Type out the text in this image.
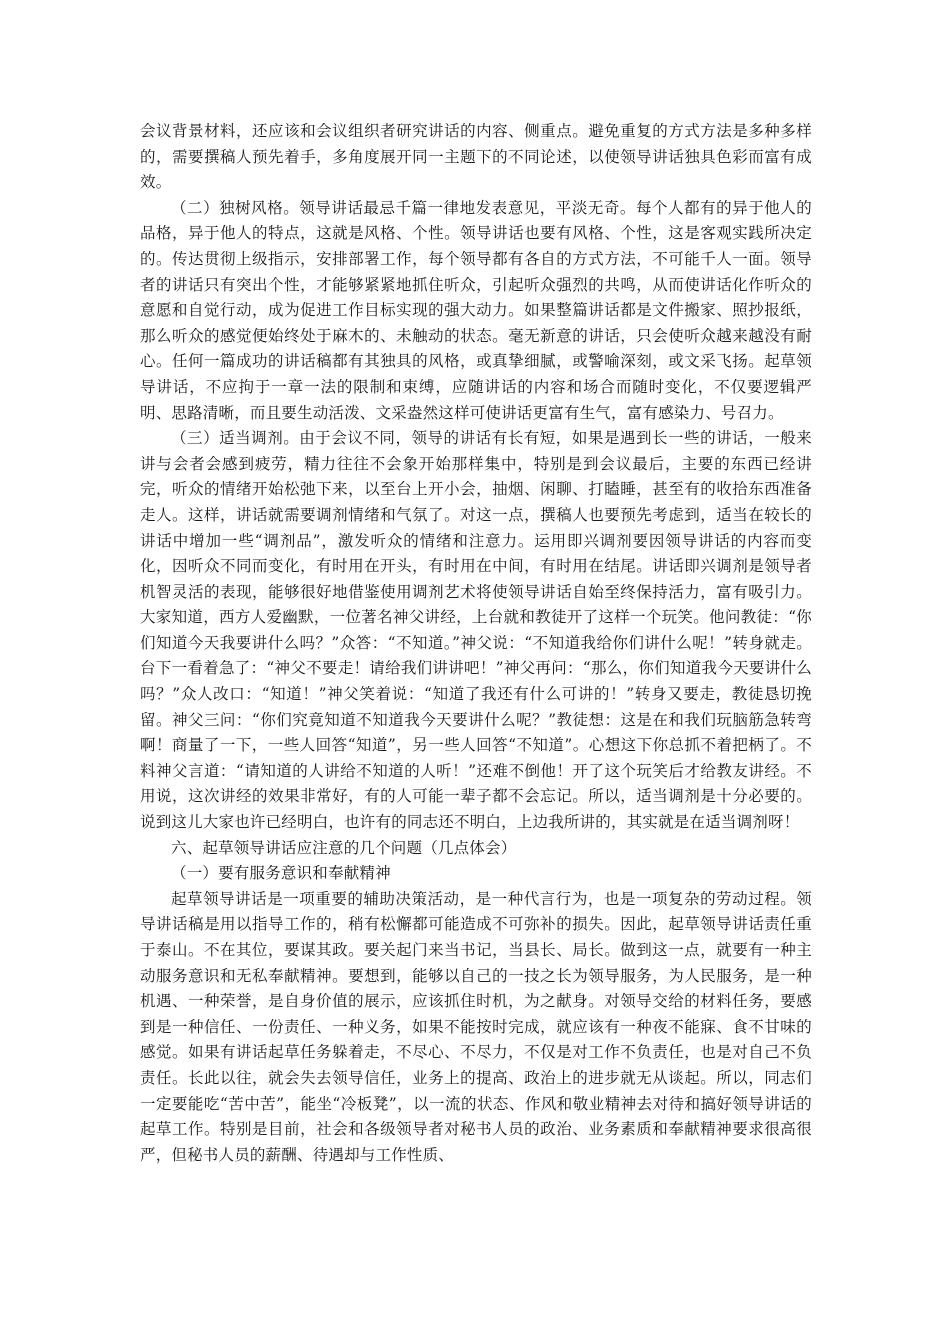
会议背景材料，还应该和会议组织者研究讲话的内容、侧重点。避免重复的方式方法是多种多样的，需要撰稿人预先着手，多角度展开同一主题下的不同论述，以使领导讲话独具色彩而富有成效。

（二）独树风格。领导讲话最忌千篇一律地发表意见，平淡无奇。每个人都有的异于他人的品格，异于他人的特点，这就是风格、个性。领导讲话也要有风格、个性，这是客观实践所决定的。传达贯彻上级指示，安排部署工作，每个领导都有各自的方式方法，不可能千人一面。领导者的讲话只有突出个性，才能够紧紧地抓住听众，引起听众强烈的共鸣，从而使讲话化作听众的意愿和自觉行动，成为促进工作目标实现的强大动力。如果整篇讲话都是文件搬家、照抄报纸，那么听众的感觉便始终处于麻木的、未触动的状态。毫无新意的讲话，只会使听众越来越没有耐心。任何一篇成功的讲话稿都有其独具的风格，或真挚细腻，或警喻深刻，或文采飞扬。起草领导讲话，不应拘于一章一法的限制和束缚，应随讲话的内容和场合而随时变化，不仅要逻辑严明、思路清晰，而且要生动活泼、文采盎然这样可使讲话更富有生气，富有感染力、号召力。

（三）适当调剂。由于会议不同，领导的讲话有长有短，如果是遇到长一些的讲话，一般来讲与会者会感到疲劳，精力往往不会象开始那样集中，特别是到会议最后，主要的东西已经讲完，听众的情绪开始松弛下来，以至台上开小会，抽烟、闲聊、打瞌睡，甚至有的收拾东西准备走人。这样，讲话就需要调剂情绪和气氛了。对这一点，撰稿人也要预先考虑到，适当在较长的讲话中增加一些“调剂品”，激发听众的情绪和注意力。运用即兴调剂要因领导讲话的内容而变化，因听众不同而变化，有时用在开头，有时用在中间，有时用在结尾。讲话即兴调剂是领导者机智灵活的表现，能够很好地借鉴使用调剂艺术将使领导讲话自始至终保持活力，富有吸引力。大家知道，西方人爱幽默，一位著名神父讲经，上台就和教徒开了这样一个玩笑。他问教徒：“你们知道今天我要讲什么吗？”众答：“不知道。”神父说：“不知道我给你们讲什么呢！”转身就走。台下一看着急了：“神父不要走！请给我们讲讲吧！”神父再问：“那么，你们知道我今天要讲什么吗？”众人改口：“知道！”神父笑着说：“知道了我还有什么可讲的！”转身又要走，教徒恳切挽留。神父三问：“你们究竟知道不知道我今天要讲什么呢？”教徒想：这是在和我们玩脑筋急转弯啊！商量了一下，一些人回答“知道”，另一些人回答“不知道”。心想这下你总抓不着把柄了。不料神父言道：“请知道的人讲给不知道的人听！”还难不倒他！开了这个玩笑后才给教友讲经。不用说，这次讲经的效果非常好，有的人可能一辈子都不会忘记。所以，适当调剂是十分必要的。说到这儿大家也许已经明白，也许有的同志还不明白，上边我所讲的，其实就是在适当调剂呀！

六、起草领导讲话应注意的几个问题（几点体会）

（一）要有服务意识和奉献精神

起草领导讲话是一项重要的辅助决策活动，是一种代言行为，也是一项复杂的劳动过程。领导讲话稿是用以指导工作的，稍有松懈都可能造成不可弥补的损失。因此，起草领导讲话责任重于泰山。不在其位，要谋其政。要关起门来当书记，当县长、局长。做到这一点，就要有一种主动服务意识和无私奉献精神。要想到，能够以自己的一技之长为领导服务，为人民服务，是一种机遇、一种荣誉，是自身价值的展示，应该抓住时机，为之献身。对领导交给的材料任务，要感到是一种信任、一份责任、一种义务，如果不能按时完成，就应该有一种夜不能寐、食不甘味的感觉。如果有讲话起草任务躲着走，不尽心、不尽力，不仅是对工作不负责任，也是对自己不负责任。长此以往，就会失去领导信任，业务上的提高、政治上的进步就无从谈起。所以，同志们一定要能吃“苦中苦”，能坐“冷板凳”，以一流的状态、作风和敬业精神去对待和搞好领导讲话的起草工作。特别是目前，社会和各级领导者对秘书人员的政治、业务素质和奉献精神要求很高很严，但秘书人员的薪酬、待遇却与工作性质、
